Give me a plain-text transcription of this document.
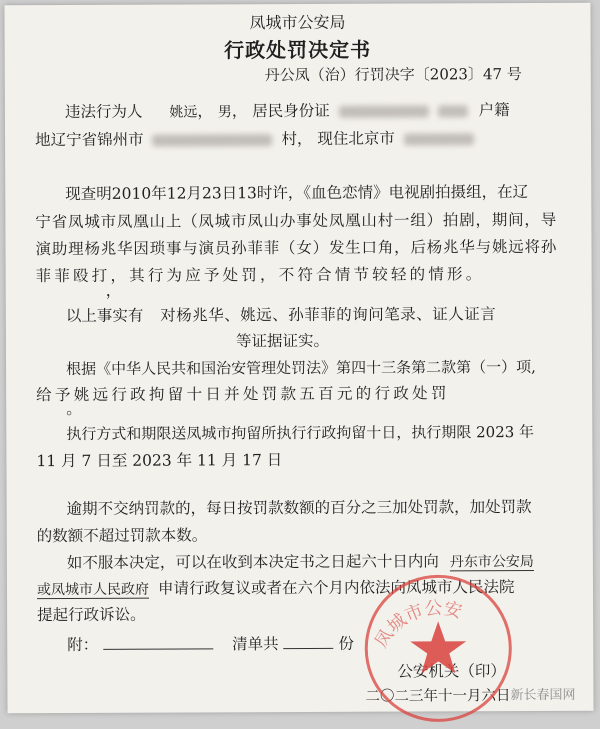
凤城市公安局
行政处罚决定书
丹公凤（治）行罚决字〔2023〕47 号
违法行为人 姚远， 男， 居民身份证	户籍
地辽宁省锦州市	村， 现住北京市
现查明2010年12月23日13时许，《血色恋情》电视剧拍摄组，在辽
宁省凤城市凤凰山上（凤城市凤山办事处凤凰山村一组）拍剧，期间，导
演助理杨兆华因琐事与演员孙菲菲（女）发生口角，后杨兆华与姚远将孙
菲菲殴打，其行为应予处罚，不符合情节较轻的情形。
，
以上事实有 对杨兆华、姚远、孙菲菲的询问笔录、证人证言
等证据证实。
根据《中华人民共和国治安管理处罚法》第四十三条第二款第（一）项,
给予姚远行政拘留十日并处罚款五百元的行政处罚
。
执行方式和期限送凤城市拘留所执行行政拘留十日，执行期限 2023 年
11 月 7 日至 2023 年 11 月 17 日
逾期不交纳罚款的，每日按罚款数额的百分之三加处罚款，加处罚款
的数额不超过罚款本数。
如不服本决定，可以在收到本决定书之日起六十日内向 丹东市公安局
或凤城市人民政府 申请行政复议或者在六个月内依法向凤城市人民法院
提起行政诉讼。
附：	清单共	份
公安机关（印）
二〇二三年十一月六日
凤城市公安
新长春国网
